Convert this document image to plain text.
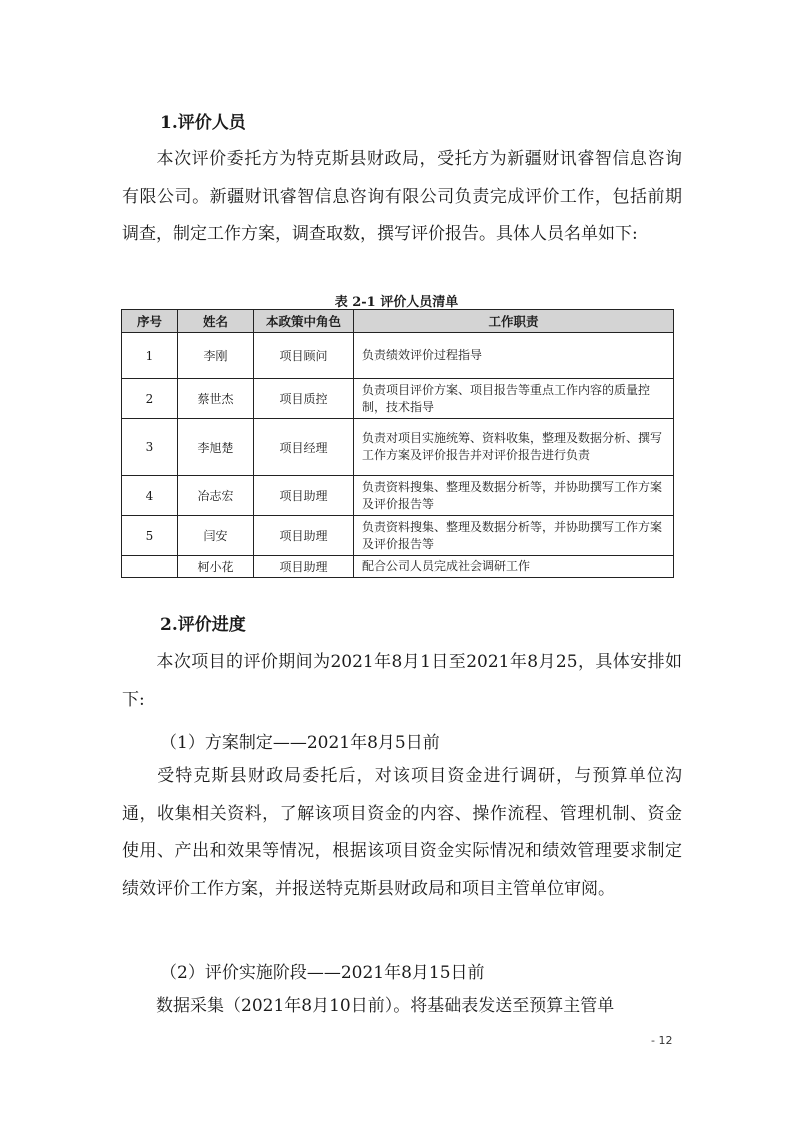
1.评价人员

本次评价委托方为特克斯县财政局，受托方为新疆财讯睿智信息咨询有限公司。新疆财讯睿智信息咨询有限公司负责完成评价工作，包括前期调查，制定工作方案，调查取数，撰写评价报告。具体人员名单如下:

表 2-1 评价人员清单
序号	姓名	本政策中角色	工作职责
1	李刚	项目顾问	负责绩效评价过程指导
2	蔡世杰	项目质控	负责项目评价方案、项目报告等重点工作内容的质量控制，技术指导
3	李旭楚	项目经理	负责对项目实施统筹、资料收集，整理及数据分析、撰写工作方案及评价报告并对评价报告进行负责
4	冶志宏	项目助理	负责资料搜集、整理及数据分析等，并协助撰写工作方案及评价报告等
5	闫安	项目助理	负责资料搜集、整理及数据分析等，并协助撰写工作方案及评价报告等
	柯小花	项目助理	配合公司人员完成社会调研工作

2.评价进度

本次项目的评价期间为2021年8月1日至2021年8月25，具体安排如下:

（1）方案制定——2021年8月5日前

受特克斯县财政局委托后，对该项目资金进行调研，与预算单位沟通，收集相关资料，了解该项目资金的内容、操作流程、管理机制、资金使用、产出和效果等情况，根据该项目资金实际情况和绩效管理要求制定绩效评价工作方案，并报送特克斯县财政局和项目主管单位审阅。

（2）评价实施阶段——2021年8月15日前

数据采集（2021年8月10日前）。将基础表发送至预算主管单

- 12
